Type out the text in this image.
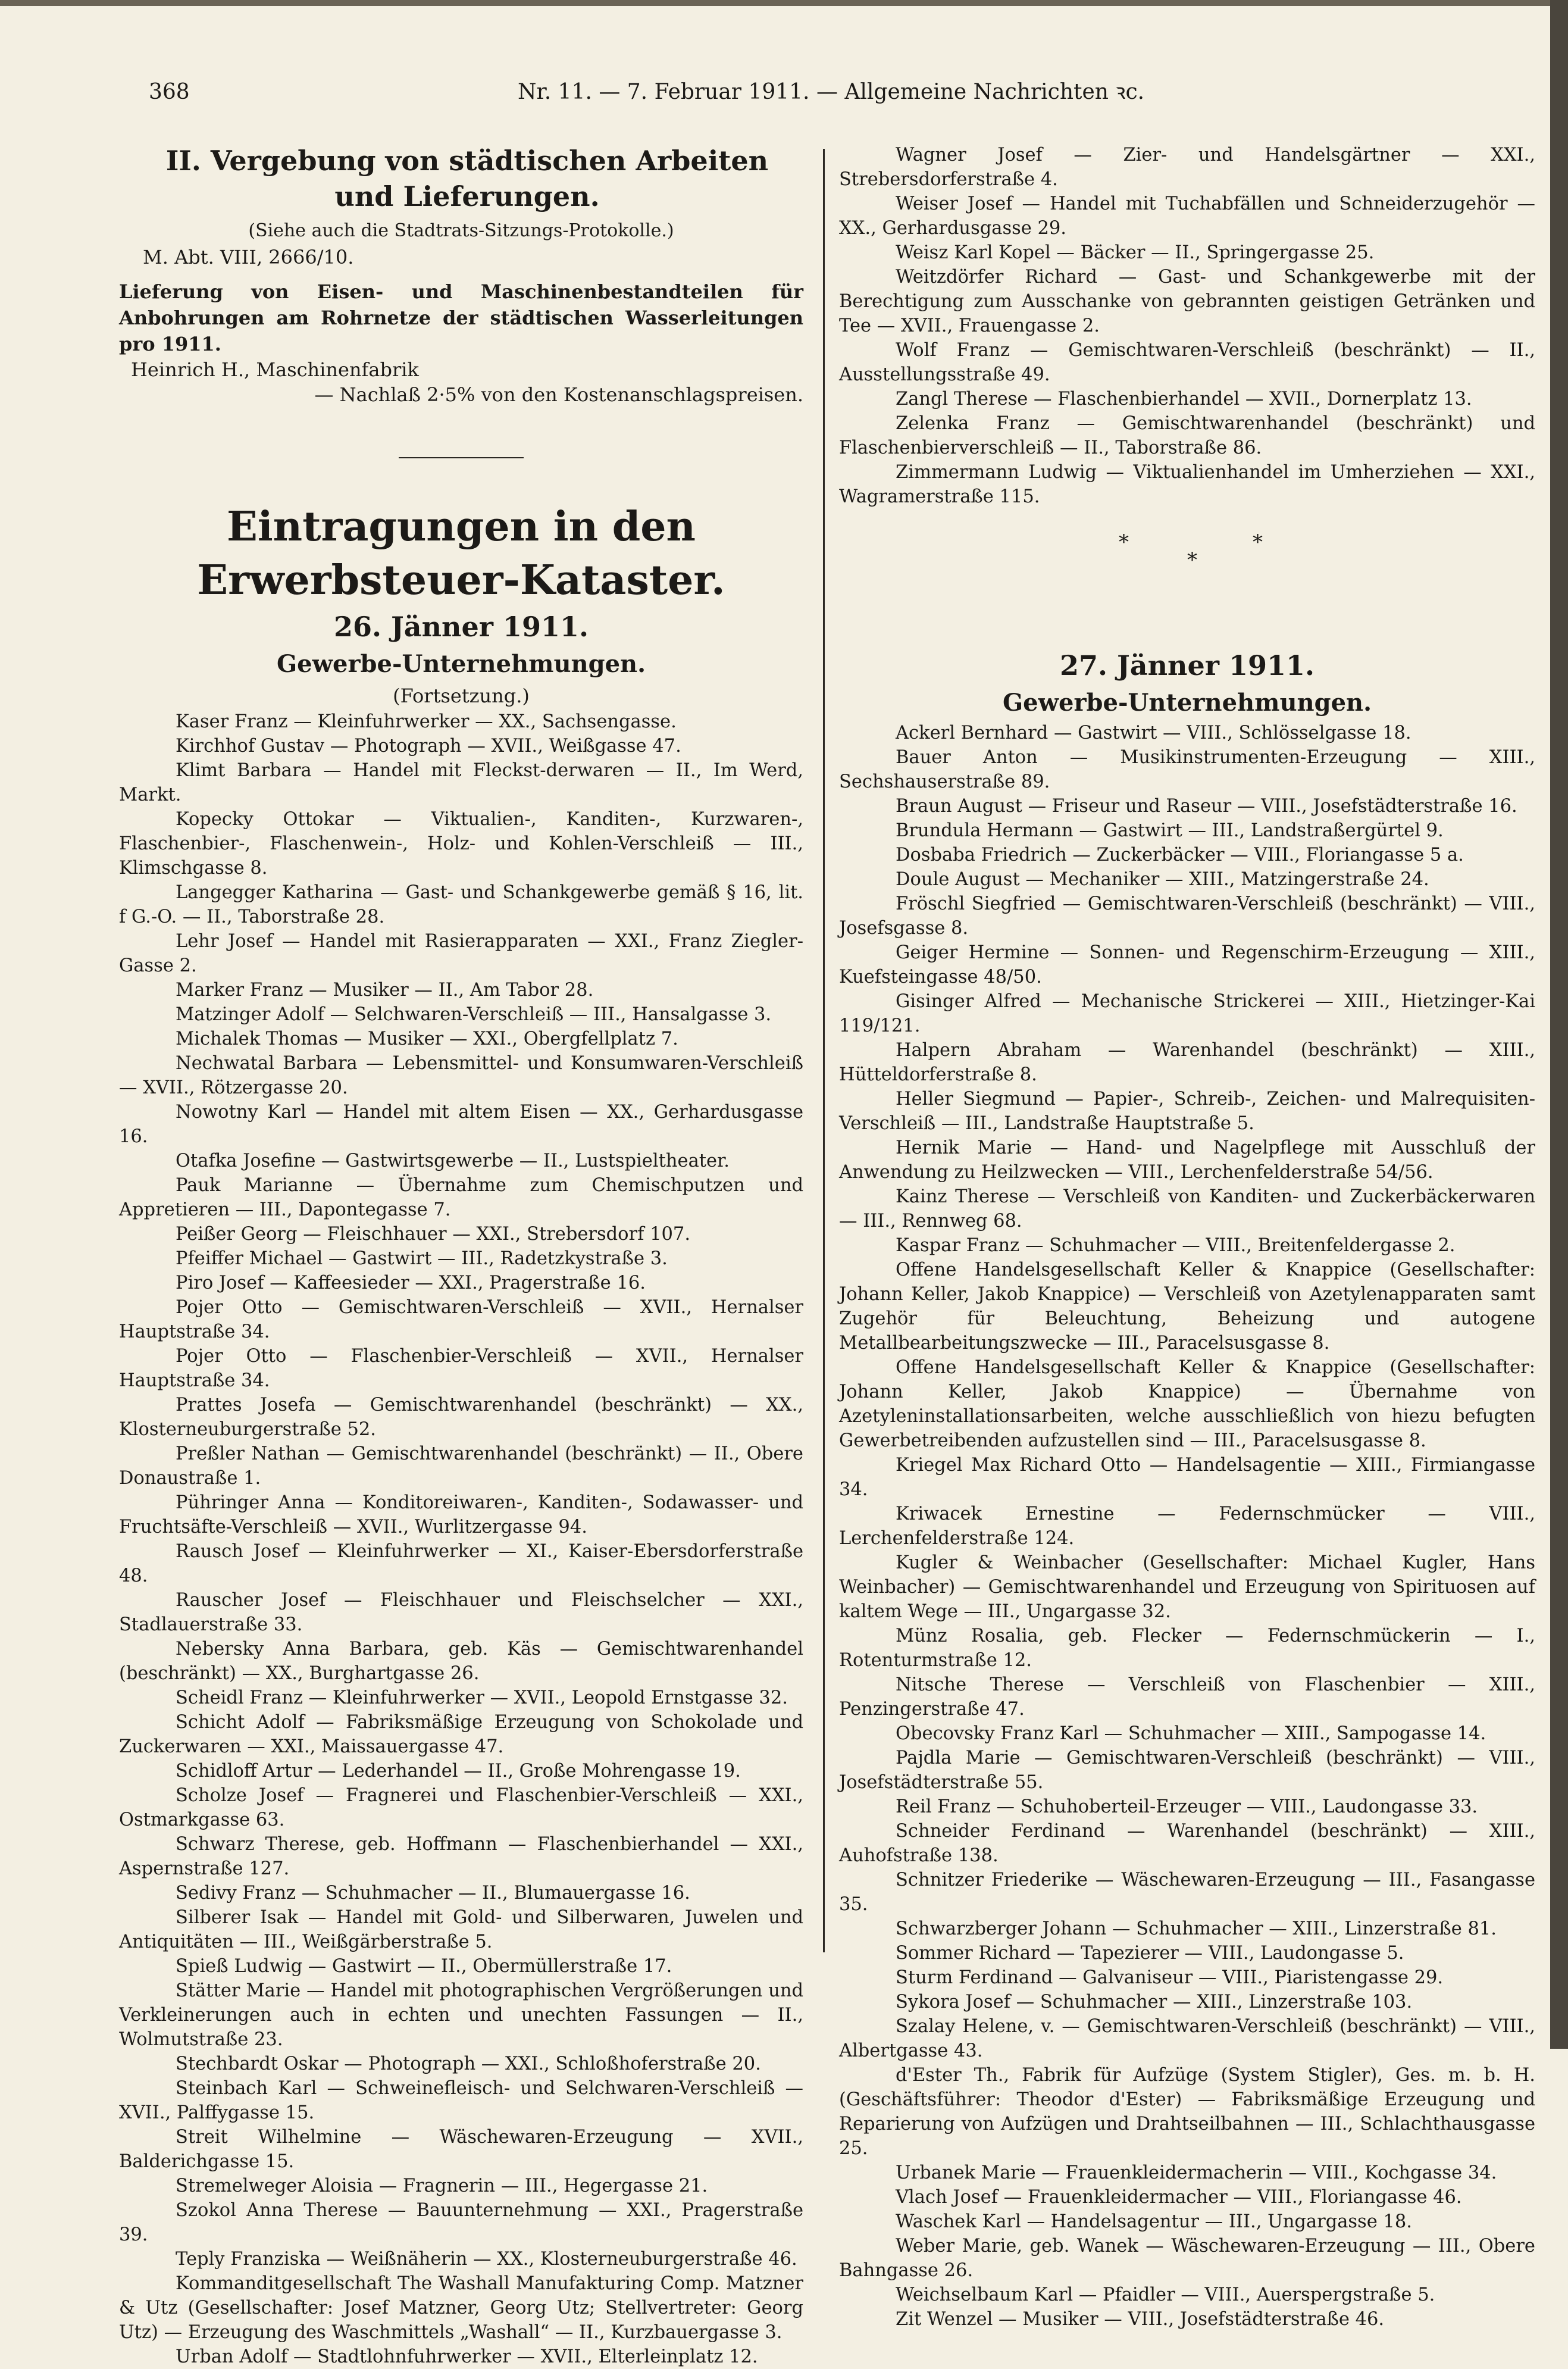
368	Nr. 11. — 7. Februar 1911. — Allgemeine Nachrichten ꝛc.
II. Vergebung von städtischen Arbeiten und Lieferungen.
(Siehe auch die Stadtrats-Sitzungs-Protokolle.)
M. Abt. VIII, 2666/10.
Lieferung von Eisen- und Maschinenbestandteilen für Anbohrungen am Rohrnetze der städtischen Wasserleitungen pro 1911.
Heinrich H., Maschinenfabrik
— Nachlaß 2·5% von den Kostenanschlagspreisen.
Eintragungen in den Erwerbsteuer-Kataster.
26. Jänner 1911.
Gewerbe-Unternehmungen.
(Fortsetzung.)

Kaser Franz — Kleinfuhrwerker — XX., Sachsengasse.

Kirchhof Gustav — Photograph — XVII., Weißgasse 47.

Klimt Barbara — Handel mit Fleckst-derwaren — II., Im Werd, Markt.

Kopecky Ottokar — Viktualien-, Kanditen-, Kurzwaren-, Flaschenbier-, Flaschenwein-, Holz- und Kohlen-Verschleiß — III., Klimschgasse 8.

Langegger Katharina — Gast- und Schankgewerbe gemäß § 16, lit. f G.-O. — II., Taborstraße 28.

Lehr Josef — Handel mit Rasierapparaten — XXI., Franz Ziegler-Gasse 2.

Marker Franz — Musiker — II., Am Tabor 28.

Matzinger Adolf — Selchwaren-Verschleiß — III., Hansalgasse 3.

Michalek Thomas — Musiker — XXI., Obergfellplatz 7.

Nechwatal Barbara — Lebensmittel- und Konsumwaren-Verschleiß — XVII., Rötzergasse 20.

Nowotny Karl — Handel mit altem Eisen — XX., Gerhardusgasse 16.

Otafka Josefine — Gastwirtsgewerbe — II., Lustspieltheater.

Pauk Marianne — Übernahme zum Chemischputzen und Appretieren — III., Dapontegasse 7.

Peißer Georg — Fleischhauer — XXI., Strebersdorf 107.

Pfeiffer Michael — Gastwirt — III., Radetzkystraße 3.

Piro Josef — Kaffeesieder — XXI., Pragerstraße 16.

Pojer Otto — Gemischtwaren-Verschleiß — XVII., Hernalser Hauptstraße 34.

Pojer Otto — Flaschenbier-Verschleiß — XVII., Hernalser Hauptstraße 34.

Prattes Josefa — Gemischtwarenhandel (beschränkt) — XX., Klosterneuburgerstraße 52.

Preßler Nathan — Gemischtwarenhandel (beschränkt) — II., Obere Donaustraße 1.

Pühringer Anna — Konditoreiwaren-, Kanditen-, Sodawasser- und Fruchtsäfte-Verschleiß — XVII., Wurlitzergasse 94.

Rausch Josef — Kleinfuhrwerker — XI., Kaiser-Ebersdorferstraße 48.

Rauscher Josef — Fleischhauer und Fleischselcher — XXI., Stadlauerstraße 33.

Nebersky Anna Barbara, geb. Käs — Gemischtwarenhandel (beschränkt) — XX., Burghartgasse 26.

Scheidl Franz — Kleinfuhrwerker — XVII., Leopold Ernstgasse 32.

Schicht Adolf — Fabriksmäßige Erzeugung von Schokolade und Zuckerwaren — XXI., Maissauergasse 47.

Schidloff Artur — Lederhandel — II., Große Mohrengasse 19.

Scholze Josef — Fragnerei und Flaschenbier-Verschleiß — XXI., Ostmarkgasse 63.

Schwarz Therese, geb. Hoffmann — Flaschenbierhandel — XXI., Aspernstraße 127.

Sedivy Franz — Schuhmacher — II., Blumauergasse 16.

Silberer Isak — Handel mit Gold- und Silberwaren, Juwelen und Antiquitäten — III., Weißgärberstraße 5.

Spieß Ludwig — Gastwirt — II., Obermüllerstraße 17.

Stätter Marie — Handel mit photographischen Vergrößerungen und Verkleinerungen auch in echten und unechten Fassungen — II., Wolmutstraße 23.

Stechbardt Oskar — Photograph — XXI., Schloßhoferstraße 20.

Steinbach Karl — Schweinefleisch- und Selchwaren-Verschleiß — XVII., Palffygasse 15.

Streit Wilhelmine — Wäschewaren-Erzeugung — XVII., Balderichgasse 15.

Stremelweger Aloisia — Fragnerin — III., Hegergasse 21.

Szokol Anna Therese — Bauunternehmung — XXI., Pragerstraße 39.

Teply Franziska — Weißnäherin — XX., Klosterneuburgerstraße 46.

Kommanditgesellschaft The Washall Manufakturing Comp. Matzner & Utz (Gesellschafter: Josef Matzner, Georg Utz; Stellvertreter: Georg Utz) — Erzeugung des Waschmittels „Washall“ — II., Kurzbauergasse 3.

Urban Adolf — Stadtlohnfuhrwerker — XVII., Elterleinplatz 12.

Wagner Josef — Zier- und Handelsgärtner — XXI., Strebersdorferstraße 4.

Weiser Josef — Handel mit Tuchabfällen und Schneiderzugehör — XX., Gerhardusgasse 29.

Weisz Karl Kopel — Bäcker — II., Springergasse 25.

Weitzdörfer Richard — Gast- und Schankgewerbe mit der Berechtigung zum Ausschanke von gebrannten geistigen Getränken und Tee — XVII., Frauengasse 2.

Wolf Franz — Gemischtwaren-Verschleiß (beschränkt) — II., Ausstellungsstraße 49.

Zangl Therese — Flaschenbierhandel — XVII., Dornerplatz 13.

Zelenka Franz — Gemischtwarenhandel (beschränkt) und Flaschenbierverschleiß — II., Taborstraße 86.

Zimmermann Ludwig — Viktualienhandel im Umherziehen — XXI., Wagramerstraße 115.

*
*
*
27. Jänner 1911.
Gewerbe-Unternehmungen.

Ackerl Bernhard — Gastwirt — VIII., Schlösselgasse 18.

Bauer Anton — Musikinstrumenten-Erzeugung — XIII., Sechshauserstraße 89.

Braun August — Friseur und Raseur — VIII., Josefstädterstraße 16.

Brundula Hermann — Gastwirt — III., Landstraßergürtel 9.

Dosbaba Friedrich — Zuckerbäcker — VIII., Floriangasse 5 a.

Doule August — Mechaniker — XIII., Matzingerstraße 24.

Fröschl Siegfried — Gemischtwaren-Verschleiß (beschränkt) — VIII., Josefsgasse 8.

Geiger Hermine — Sonnen- und Regenschirm-Erzeugung — XIII., Kuefsteingasse 48/50.

Gisinger Alfred — Mechanische Strickerei — XIII., Hietzinger-Kai 119/121.

Halpern Abraham — Warenhandel (beschränkt) — XIII., Hütteldorferstraße 8.

Heller Siegmund — Papier-, Schreib-, Zeichen- und Malrequisiten-Verschleiß — III., Landstraße Hauptstraße 5.

Hernik Marie — Hand- und Nagelpflege mit Ausschluß der Anwendung zu Heilzwecken — VIII., Lerchenfelderstraße 54/56.

Kainz Therese — Verschleiß von Kanditen- und Zuckerbäckerwaren — III., Rennweg 68.

Kaspar Franz — Schuhmacher — VIII., Breitenfeldergasse 2.

Offene Handelsgesellschaft Keller & Knappice (Gesellschafter: Johann Keller, Jakob Knappice) — Verschleiß von Azetylenapparaten samt Zugehör für Beleuchtung, Beheizung und autogene Metallbearbeitungszwecke — III., Paracelsusgasse 8.

Offene Handelsgesellschaft Keller & Knappice (Gesellschafter: Johann Keller, Jakob Knappice) — Übernahme von Azetyleninstallationsarbeiten, welche ausschließlich von hiezu befugten Gewerbetreibenden aufzustellen sind — III., Paracelsusgasse 8.

Kriegel Max Richard Otto — Handelsagentie — XIII., Firmiangasse 34.

Kriwacek Ernestine — Federnschmücker — VIII., Lerchenfelderstraße 124.

Kugler & Weinbacher (Gesellschafter: Michael Kugler, Hans Weinbacher) — Gemischtwarenhandel und Erzeugung von Spirituosen auf kaltem Wege — III., Ungargasse 32.

Münz Rosalia, geb. Flecker — Federnschmückerin — I., Rotenturmstraße 12.

Nitsche Therese — Verschleiß von Flaschenbier — XIII., Penzingerstraße 47.

Obecovsky Franz Karl — Schuhmacher — XIII., Sampogasse 14.

Pajdla Marie — Gemischtwaren-Verschleiß (beschränkt) — VIII., Josefstädterstraße 55.

Reil Franz — Schuhoberteil-Erzeuger — VIII., Laudongasse 33.

Schneider Ferdinand — Warenhandel (beschränkt) — XIII., Auhofstraße 138.

Schnitzer Friederike — Wäschewaren-Erzeugung — III., Fasangasse 35.

Schwarzberger Johann — Schuhmacher — XIII., Linzerstraße 81.

Sommer Richard — Tapezierer — VIII., Laudongasse 5.

Sturm Ferdinand — Galvaniseur — VIII., Piaristengasse 29.

Sykora Josef — Schuhmacher — XIII., Linzerstraße 103.

Szalay Helene, v. — Gemischtwaren-Verschleiß (beschränkt) — VIII., Albertgasse 43.

d'Ester Th., Fabrik für Aufzüge (System Stigler), Ges. m. b. H. (Geschäftsführer: Theodor d'Ester) — Fabriksmäßige Erzeugung und Reparierung von Aufzügen und Drahtseilbahnen — III., Schlachthausgasse 25.

Urbanek Marie — Frauenkleidermacherin — VIII., Kochgasse 34.

Vlach Josef — Frauenkleidermacher — VIII., Floriangasse 46.

Waschek Karl — Handelsagentur — III., Ungargasse 18.

Weber Marie, geb. Wanek — Wäschewaren-Erzeugung — III., Obere Bahngasse 26.

Weichselbaum Karl — Pfaidler — VIII., Auerspergstraße 5.

Zit Wenzel — Musiker — VIII., Josefstädterstraße 46.
